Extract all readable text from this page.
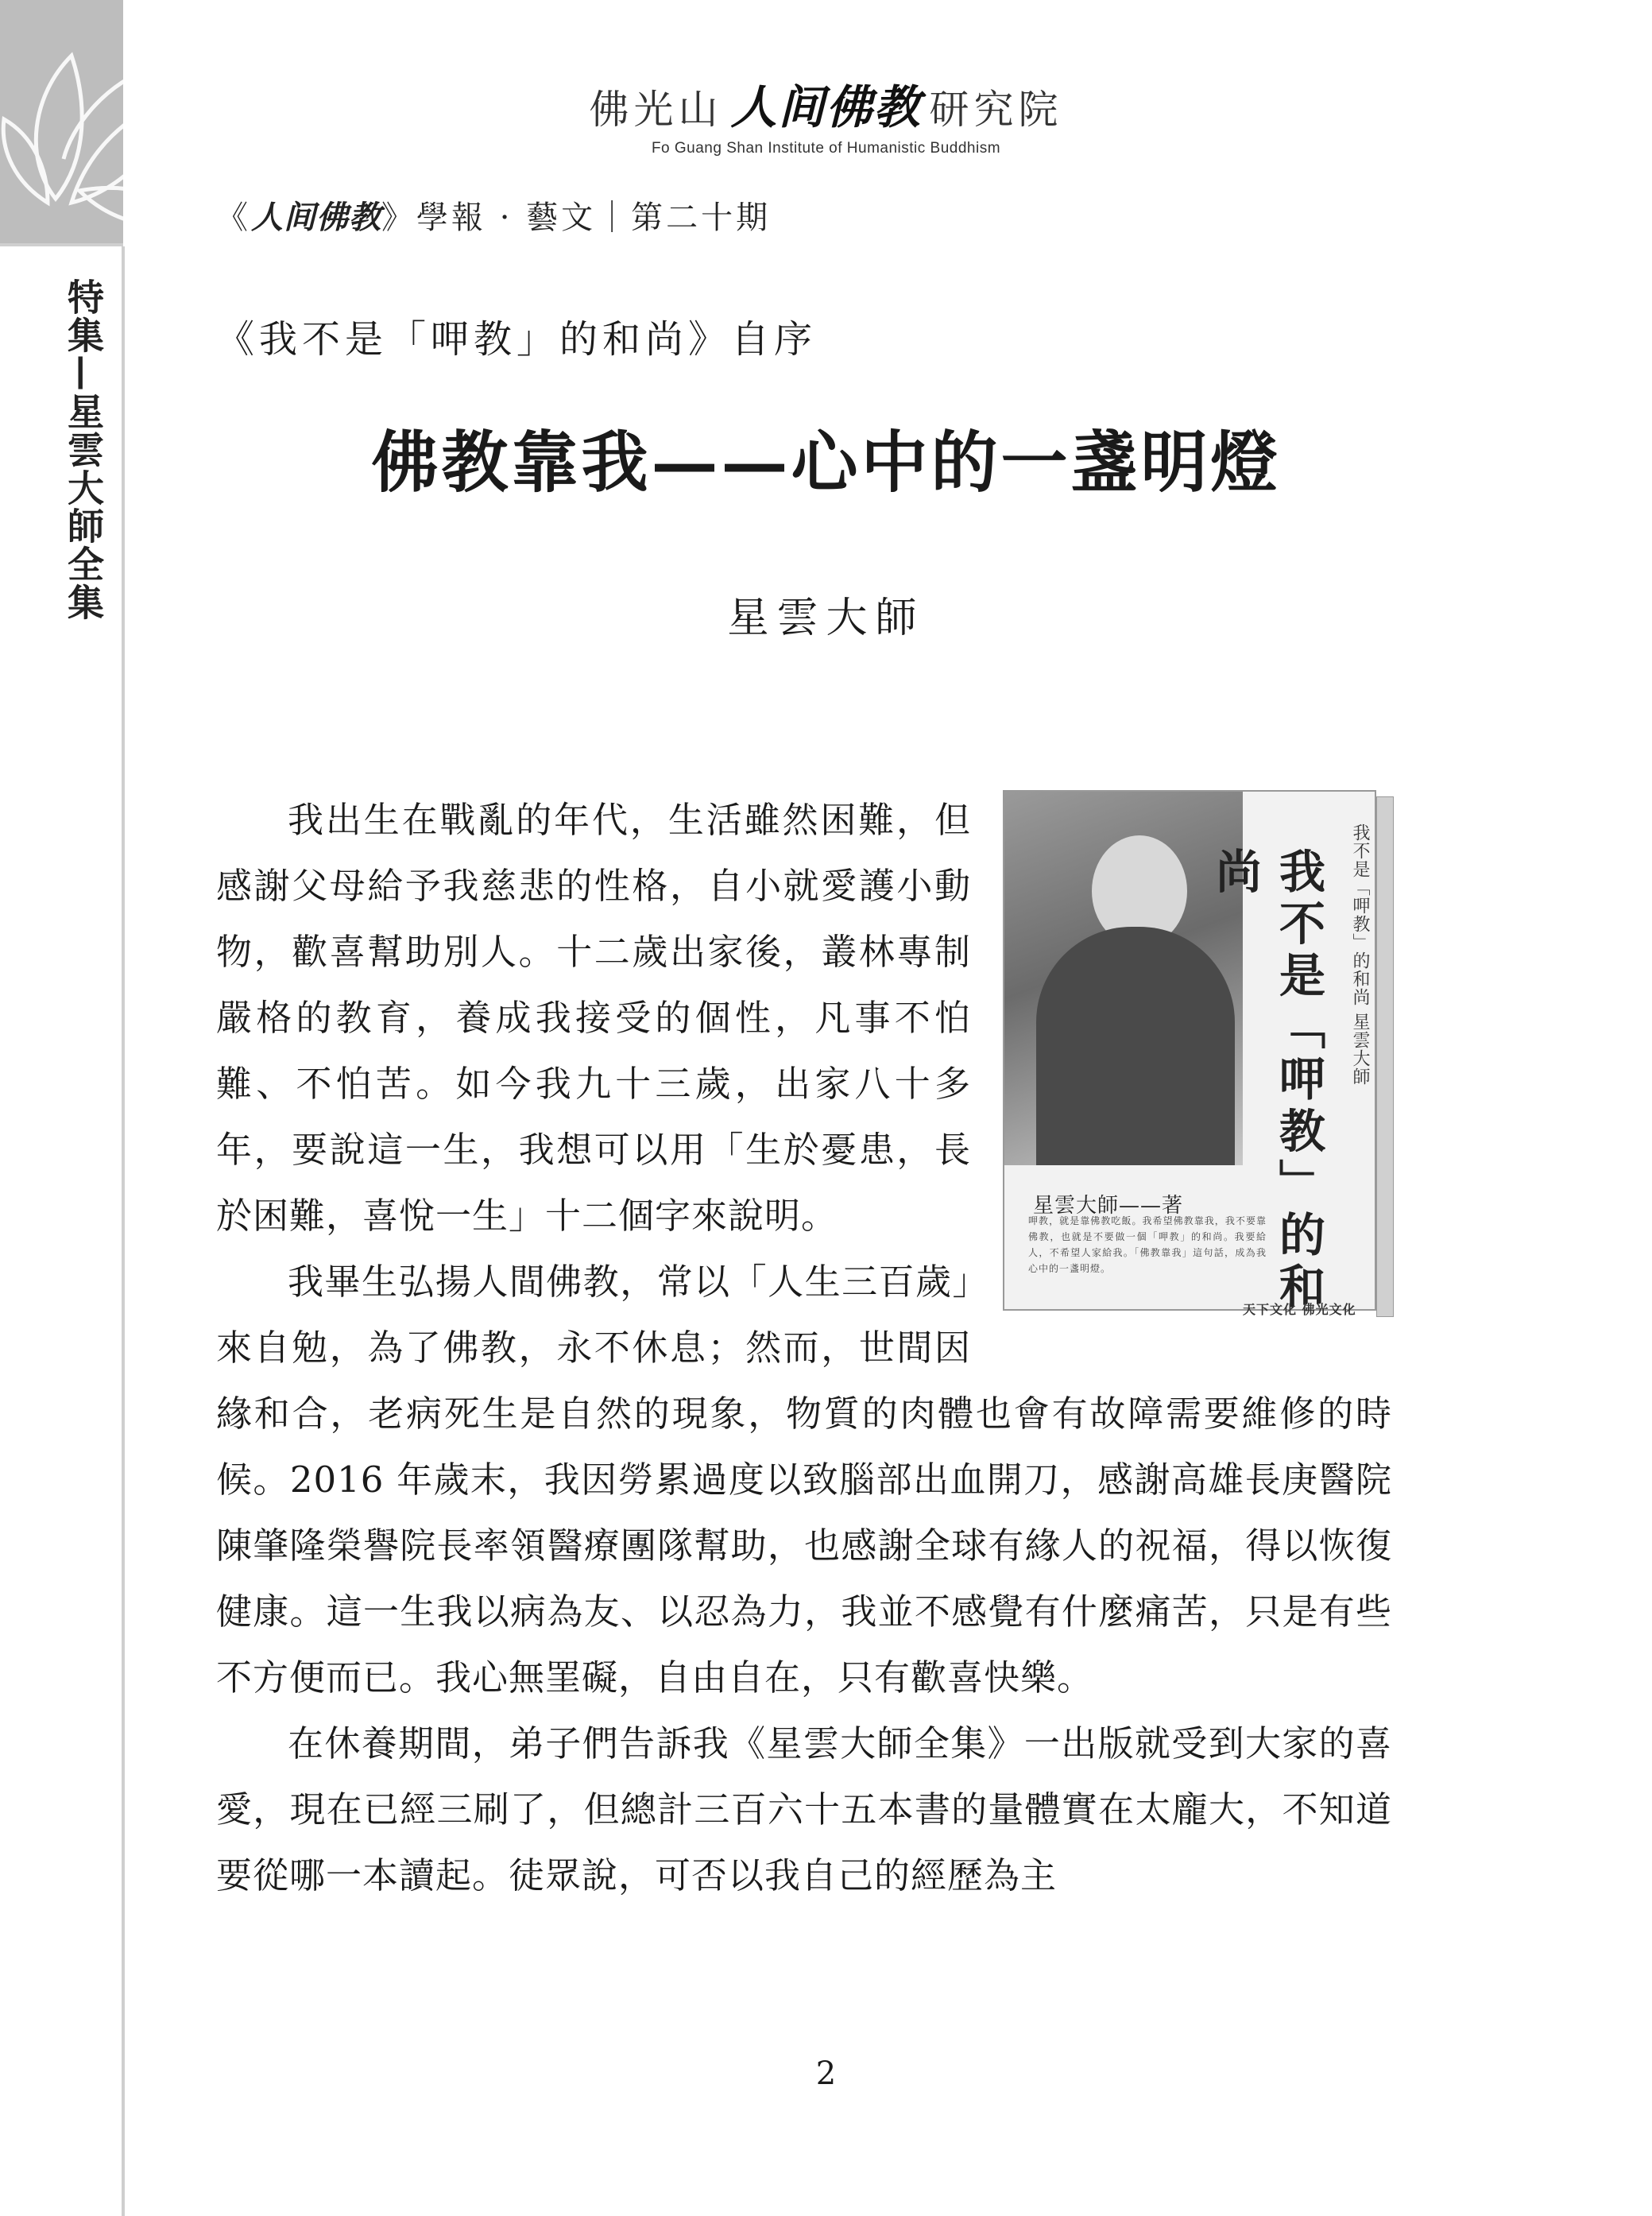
特集—星雲大師全集
佛光山 人间佛教 研究院
Fo Guang Shan Institute of Humanistic Buddhism
《人间佛教》學報 · 藝文｜第二十期
《我不是「呷教」的和尚》自序
佛教靠我——心中的一盞明燈
星雲大師
我不是「呷教」的和尚	我不是「呷教」的和尚 星雲大師
星雲大師——著
呷教，就是靠佛教吃飯。我希望佛教靠我，我不要靠佛教，也就是不要做一個「呷教」的和尚。我要給人，不希望人家給我。「佛教靠我」這句話，成為我心中的一盞明燈。
天下文化 佛光文化

我出生在戰亂的年代，生活雖然困難，但感謝父母給予我慈悲的性格，自小就愛護小動物，歡喜幫助別人。十二歲出家後，叢林專制嚴格的教育，養成我接受的個性，凡事不怕難、不怕苦。如今我九十三歲，出家八十多年，要說這一生，我想可以用「生於憂患，長於困難，喜悅一生」十二個字來說明。

我畢生弘揚人間佛教，常以「人生三百歲」來自勉，為了佛教，永不休息；然而，世間因緣和合，老病死生是自然的現象，物質的肉體也會有故障需要維修的時候。2016 年歲末，我因勞累過度以致腦部出血開刀，感謝高雄長庚醫院陳肇隆榮譽院長率領醫療團隊幫助，也感謝全球有緣人的祝福，得以恢復健康。這一生我以病為友、以忍為力，我並不感覺有什麼痛苦，只是有些不方便而已。我心無罣礙，自由自在，只有歡喜快樂。

在休養期間，弟子們告訴我《星雲大師全集》一出版就受到大家的喜愛，現在已經三刷了，但總計三百六十五本書的量體實在太龐大，不知道要從哪一本讀起。徒眾說，可否以我自己的經歷為主

2
